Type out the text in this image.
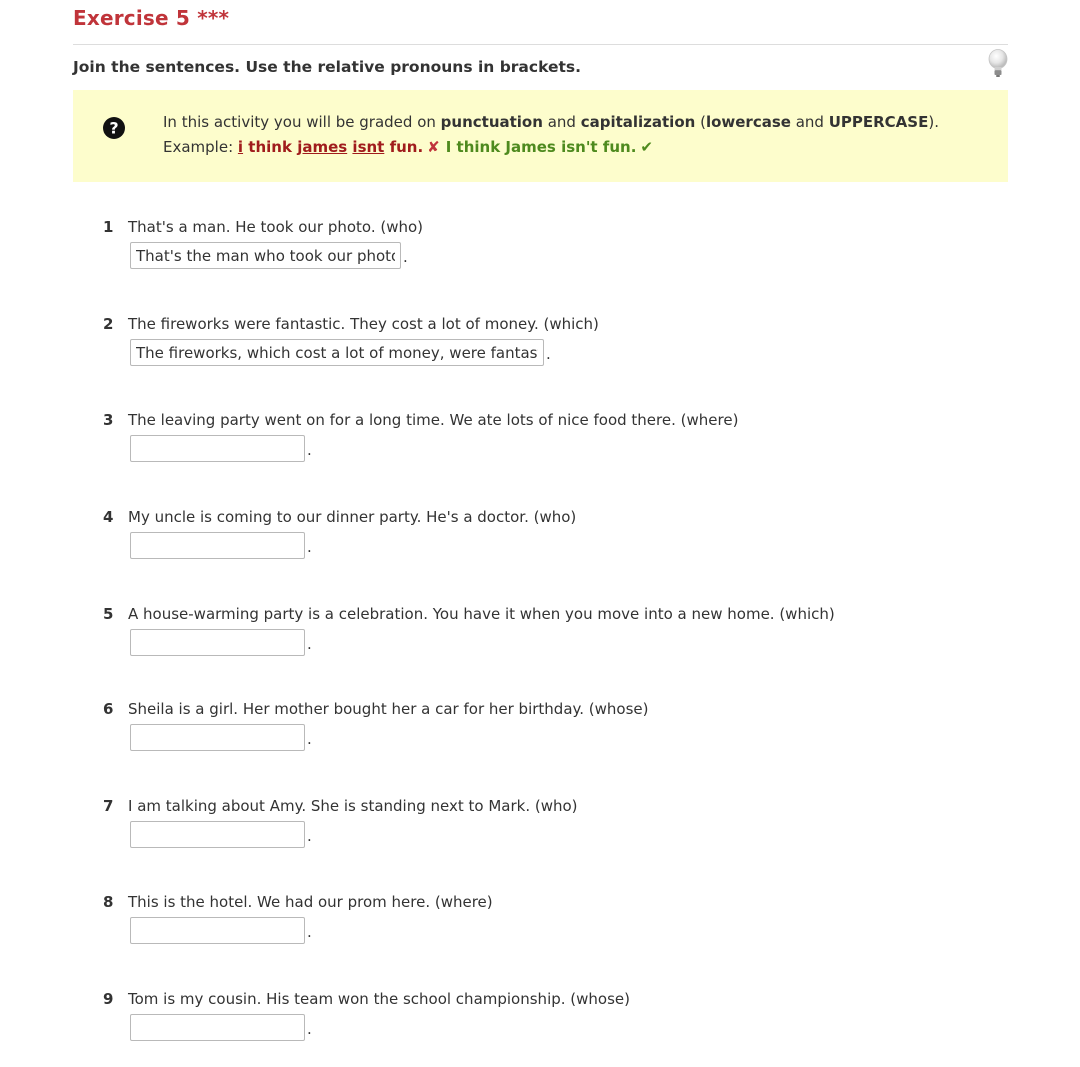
Exercise 5 ***
Join the sentences. Use the relative pronouns in brackets.
?	In this activity you will be graded on punctuation and capitalization (lowercase and UPPERCASE).
Example: i think james isnt fun. ✘ I think James isn't fun. ✔
1 That's a man. He took our photo. (who)
That's the man who took our photo
.
2 The fireworks were fantastic. They cost a lot of money. (which)
The fireworks, which cost a lot of money, were fantastic
.
3 The leaving party went on for a long time. We ate lots of nice food there. (where)
.
4 My uncle is coming to our dinner party. He's a doctor. (who)
.
5 A house-warming party is a celebration. You have it when you move into a new home. (which)
.
6 Sheila is a girl. Her mother bought her a car for her birthday. (whose)
.
7 I am talking about Amy. She is standing next to Mark. (who)
.
8 This is the hotel. We had our prom here. (where)
.
9 Tom is my cousin. His team won the school championship. (whose)
.
